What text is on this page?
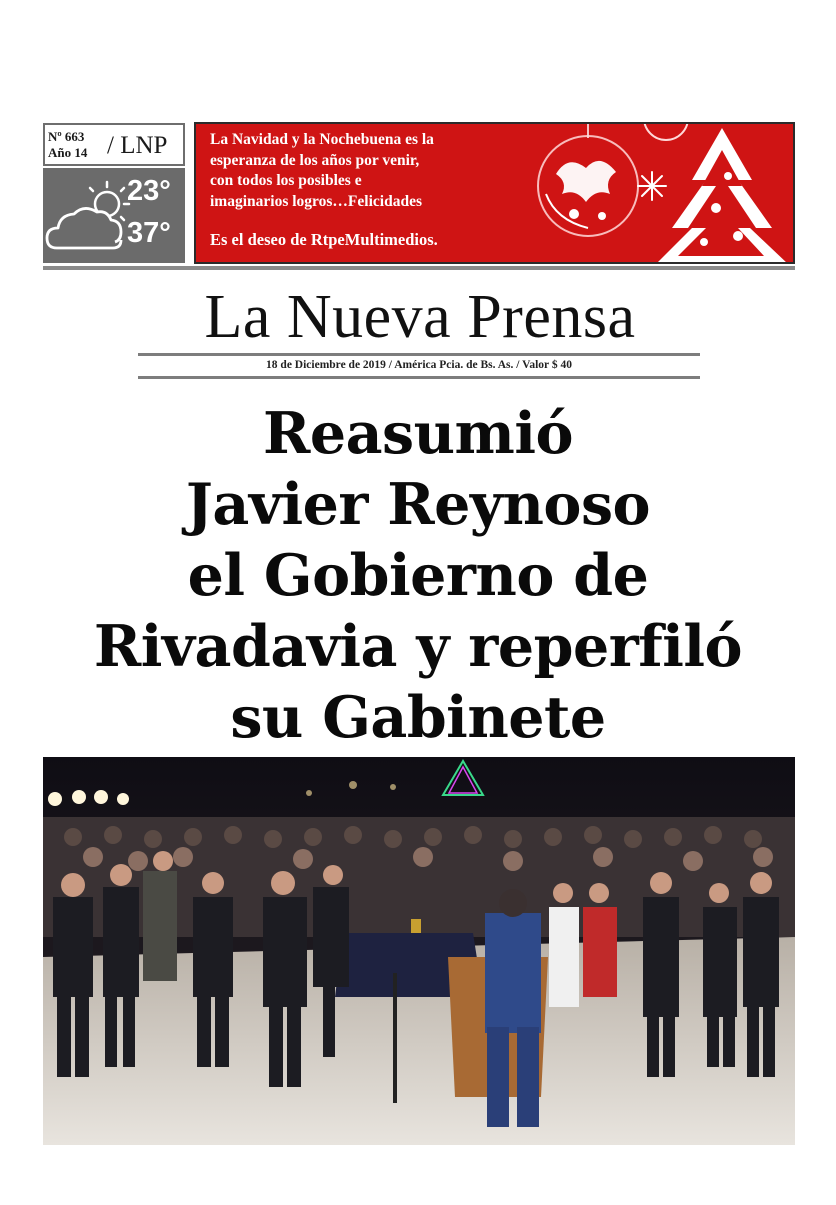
Nº 663
Año 14 / LNP
23°
37°
La Navidad y la Nochebuena es la
esperanza de los años por venir,
con todos los posibles e
imaginarios logros…Felicidades
Es el deseo de RtpeMultimedios.
La Nueva Prensa
18 de Diciembre de 2019 / América Pcia. de Bs. As. / Valor $ 40
Reasumió
Javier Reynoso
el Gobierno de
Rivadavia y reperfiló
su Gabinete
